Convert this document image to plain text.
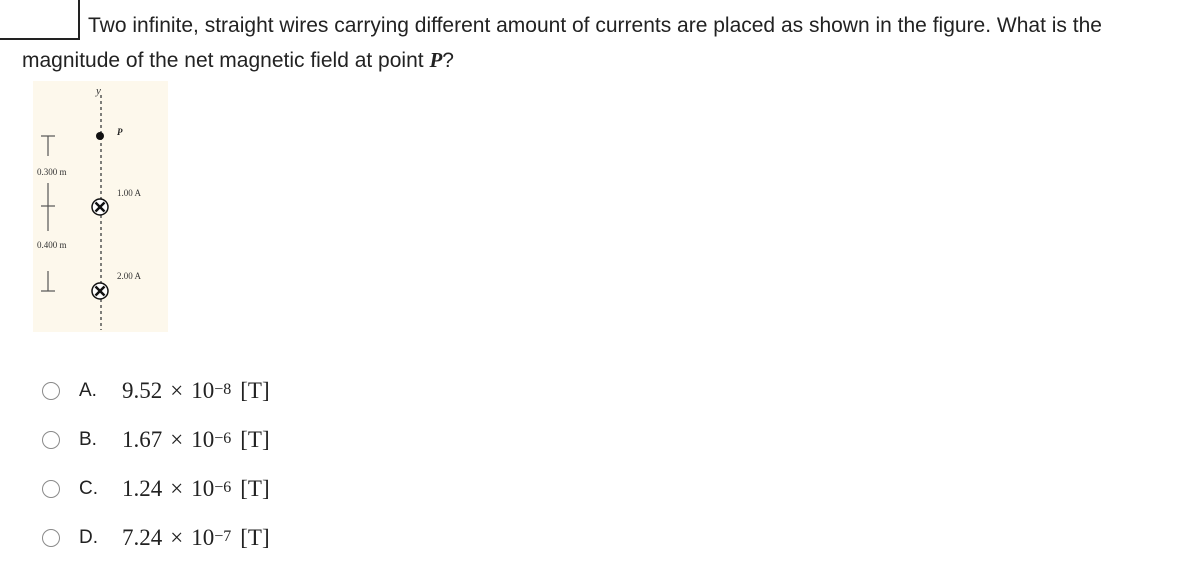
Two infinite, straight wires carrying different amount of currents are placed as shown in the figure. What is the magnitude of the net magnetic field at point P?
y
P
0.300 m
0.400 m
1.00 A
2.00 A
A.	$9.52 \times 10^{-8}$ [T]
B.	$1.67 \times 10^{-6}$ [T]
C.	$1.24 \times 10^{-6}$ [T]
D.	$7.24 \times 10^{-7}$ [T]
